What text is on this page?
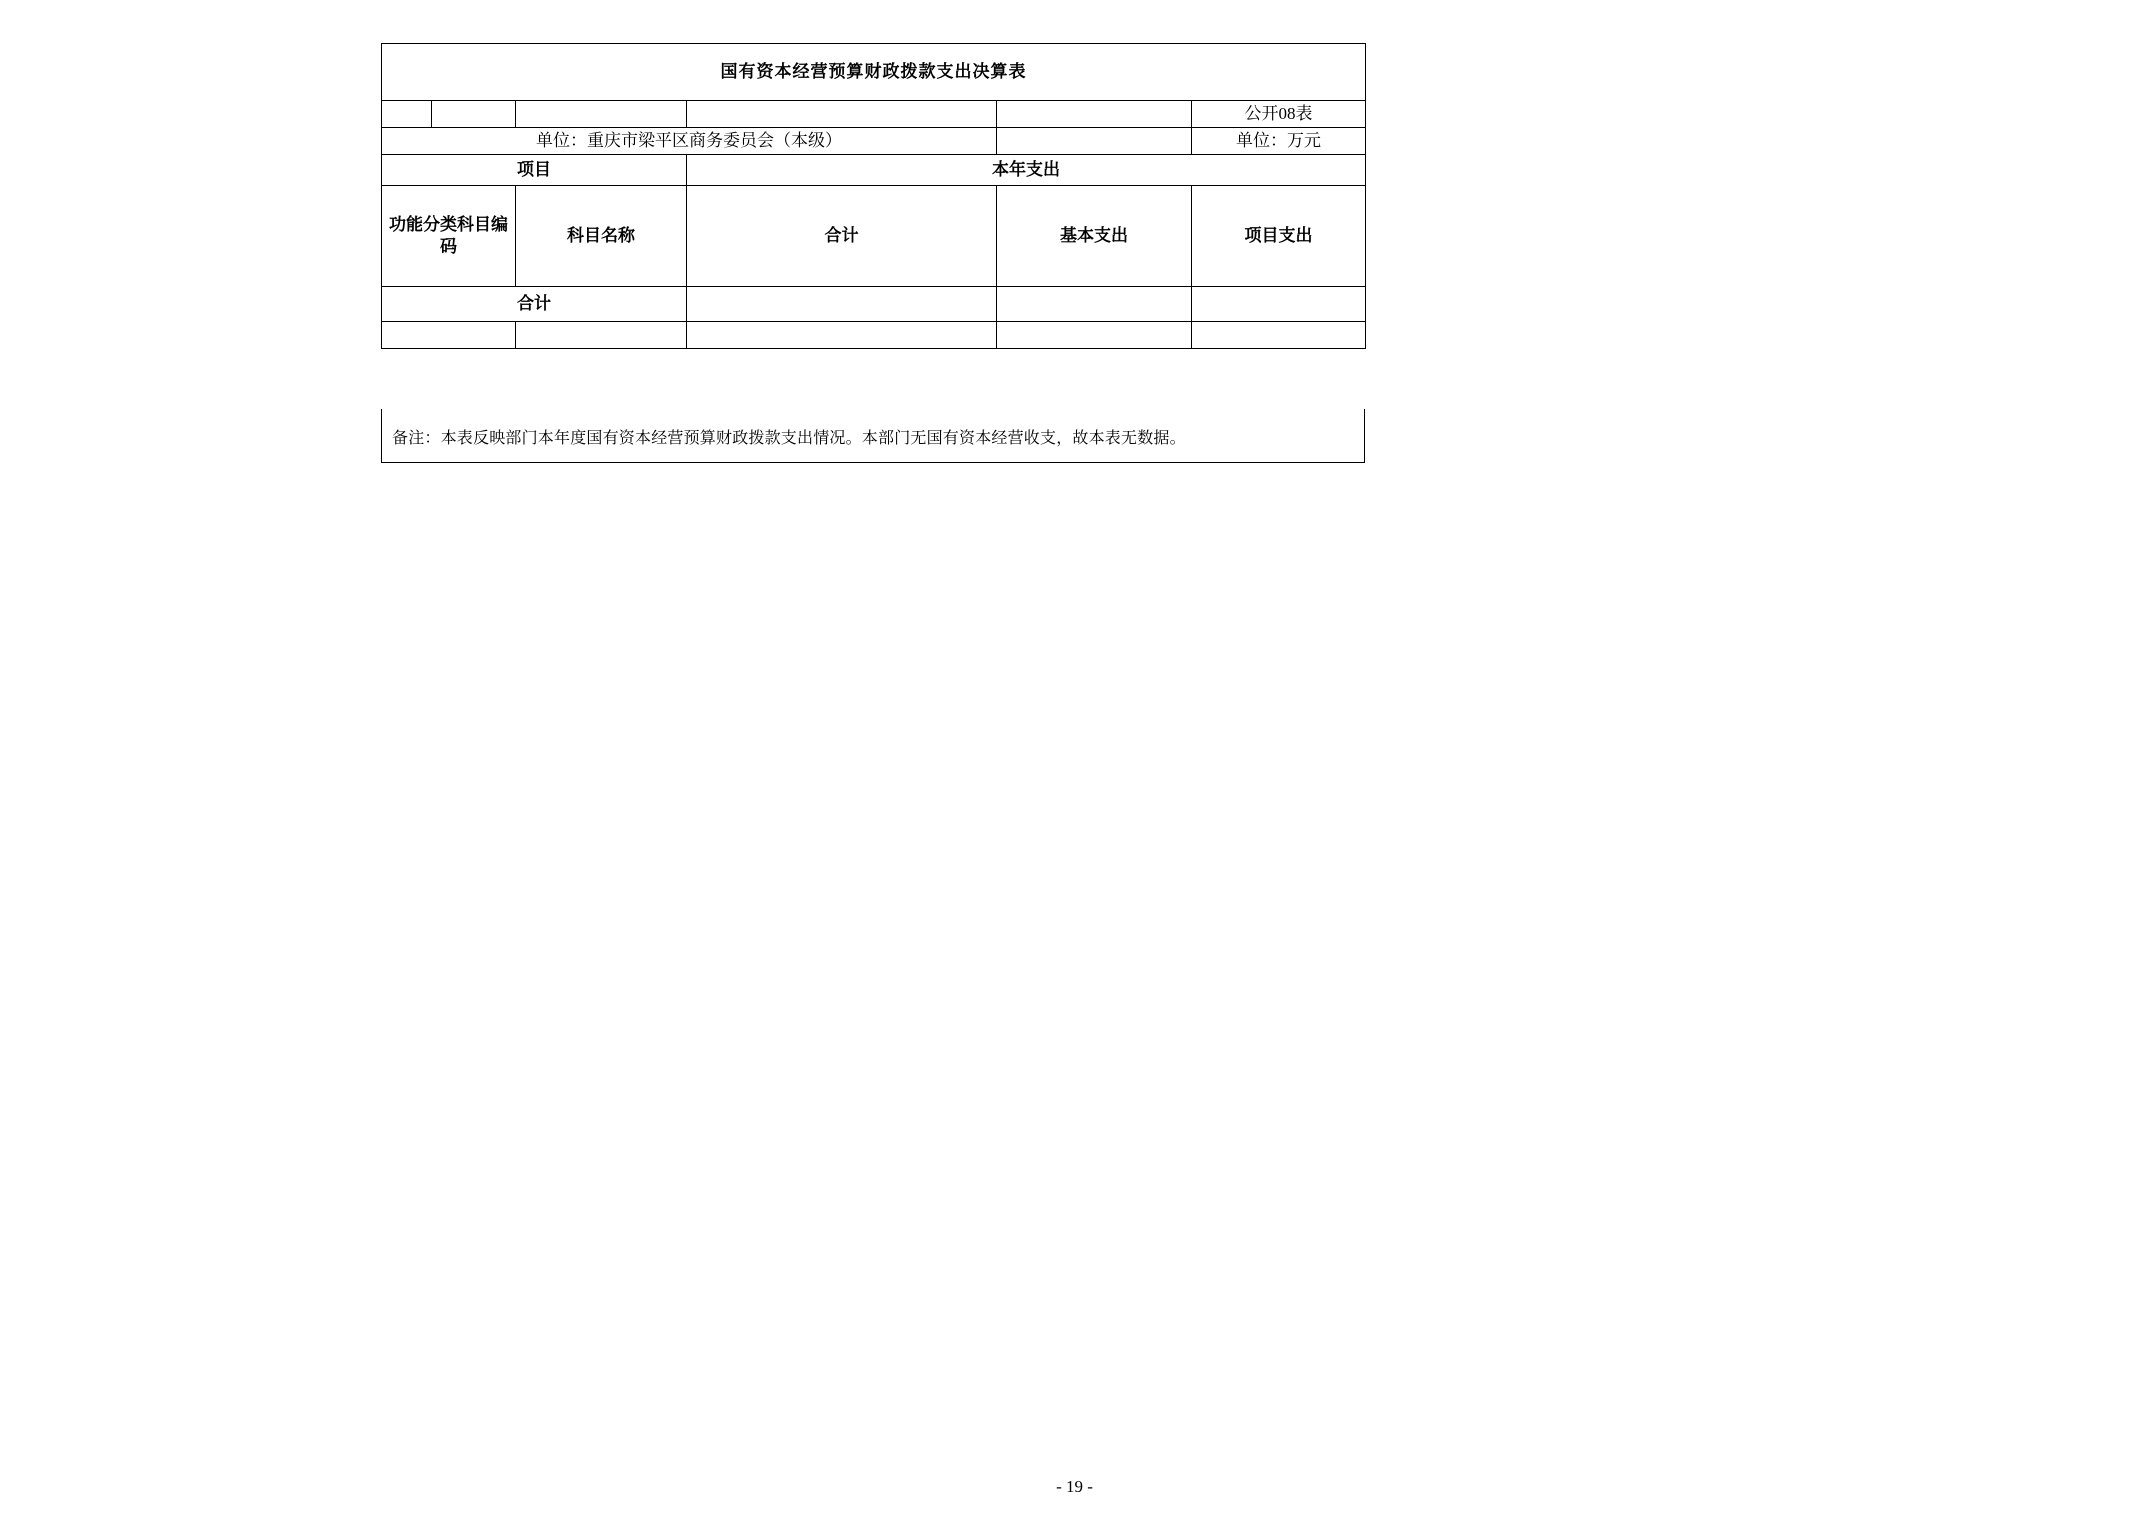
国有资本经营预算财政拨款支出决算表					
					公开08表
单位：重庆市梁平区商务委员会（本级）					单位：万元
项目			本年支出		
功能分类科目编码		科目名称	合计	基本支出	项目支出
合计					

备注：本表反映部门本年度国有资本经营预算财政拨款支出情况。本部门无国有资本经营收支，故本表无数据。
- 19 -
